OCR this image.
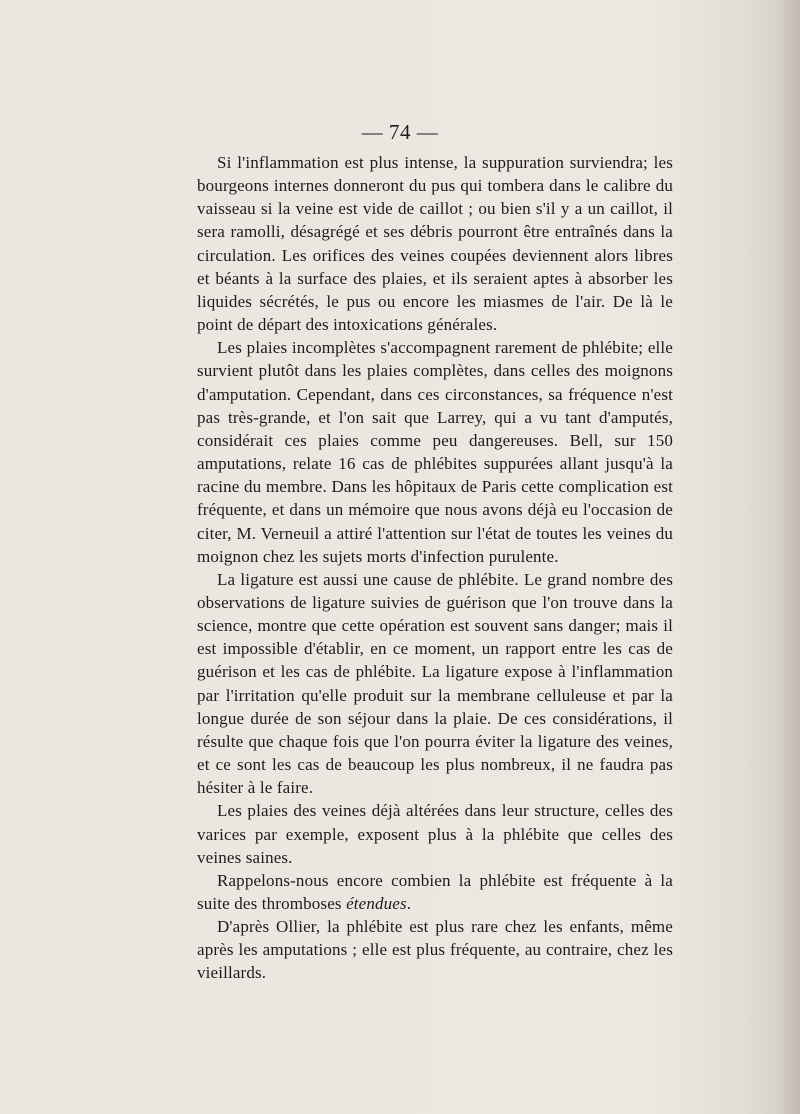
— 74 —

Si l'inflammation est plus intense, la suppuration surviendra; les bourgeons internes donneront du pus qui tombera dans le calibre du vaisseau si la veine est vide de caillot ; ou bien s'il y a un caillot, il sera ramolli, désagrégé et ses débris pourront être entraînés dans la circulation. Les orifices des veines coupées deviennent alors libres et béants à la surface des plaies, et ils seraient aptes à absorber les liquides sécrétés, le pus ou encore les miasmes de l'air. De là le point de départ des intoxications générales.

Les plaies incomplètes s'accompagnent rarement de phlébite; elle survient plutôt dans les plaies complètes, dans celles des moignons d'amputation. Cependant, dans ces circonstances, sa fréquence n'est pas très-grande, et l'on sait que Larrey, qui a vu tant d'amputés, considérait ces plaies comme peu dangereuses. Bell, sur 150 amputations, relate 16 cas de phlébites suppurées allant jusqu'à la racine du membre. Dans les hôpitaux de Paris cette complication est fréquente, et dans un mémoire que nous avons déjà eu l'occasion de citer, M. Verneuil a attiré l'attention sur l'état de toutes les veines du moignon chez les sujets morts d'infection purulente.

La ligature est aussi une cause de phlébite. Le grand nombre des observations de ligature suivies de guérison que l'on trouve dans la science, montre que cette opération est souvent sans danger; mais il est impossible d'établir, en ce moment, un rapport entre les cas de guérison et les cas de phlébite. La ligature expose à l'inflammation par l'irritation qu'elle produit sur la membrane celluleuse et par la longue durée de son séjour dans la plaie. De ces considérations, il résulte que chaque fois que l'on pourra éviter la ligature des veines, et ce sont les cas de beaucoup les plus nombreux, il ne faudra pas hésiter à le faire.

Les plaies des veines déjà altérées dans leur structure, celles des varices par exemple, exposent plus à la phlébite que celles des veines saines.

Rappelons-nous encore combien la phlébite est fréquente à la suite des thromboses étendues.

D'après Ollier, la phlébite est plus rare chez les enfants, même après les amputations ; elle est plus fréquente, au contraire, chez les vieillards.
